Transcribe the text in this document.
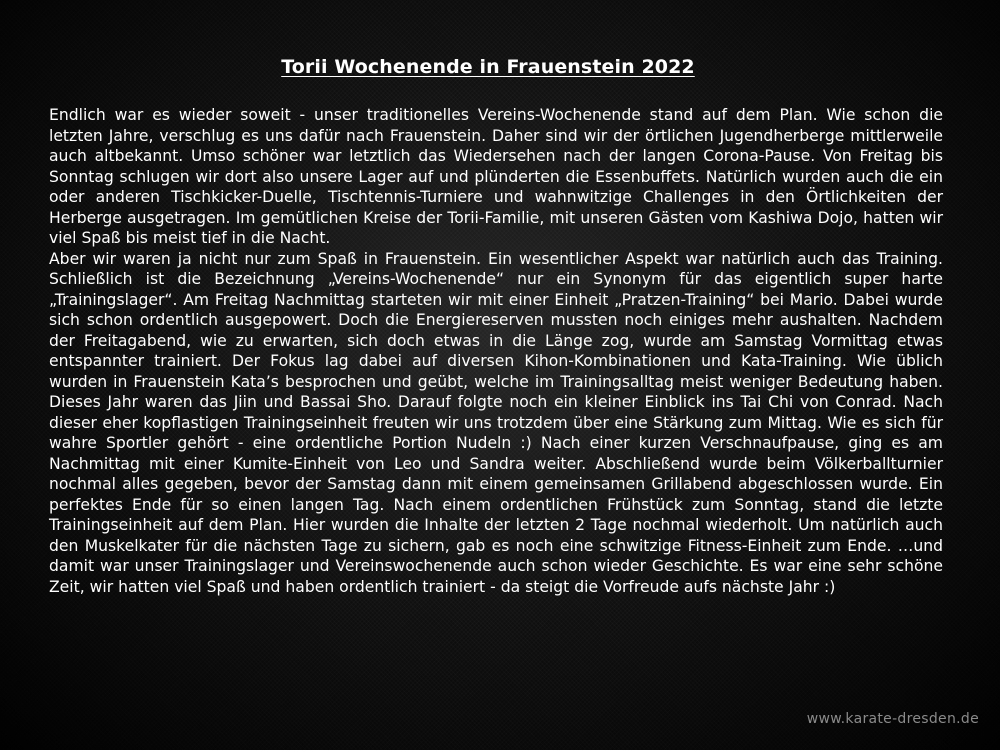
Torii Wochenende in Frauenstein 2022

Endlich war es wieder soweit - unser traditionelles Vereins-Wochenende stand auf dem Plan. Wie schon die letzten Jahre, verschlug es uns dafür nach Frauenstein. Daher sind wir der örtlichen Jugendherberge mittlerweile auch altbekannt. Umso schöner war letztlich das Wiedersehen nach der langen Corona-Pause. Von Freitag bis Sonntag schlugen wir dort also unsere Lager auf und plünderten die Essenbuffets. Natürlich wurden auch die ein oder anderen Tischkicker-Duelle, Tischtennis-Turniere und wahnwitzige Challenges in den Örtlichkeiten der Herberge ausgetragen. Im gemütlichen Kreise der Torii-Familie, mit unseren Gästen vom Kashiwa Dojo, hatten wir viel Spaß bis meist tief in die Nacht.

Aber wir waren ja nicht nur zum Spaß in Frauenstein. Ein wesentlicher Aspekt war natürlich auch das Training. Schließlich ist die Bezeichnung „Vereins-Wochenende“ nur ein Synonym für das eigentlich super harte „Trainingslager“. Am Freitag Nachmittag starteten wir mit einer Einheit „Pratzen-Training“ bei Mario. Dabei wurde sich schon ordentlich ausgepowert. Doch die Energiereserven mussten noch einiges mehr aushalten. Nachdem der Freitagabend, wie zu erwarten, sich doch etwas in die Länge zog, wurde am Samstag Vormittag etwas entspannter trainiert. Der Fokus lag dabei auf diversen Kihon-Kombinationen und Kata-Training. Wie üblich wurden in Frauenstein Kata’s besprochen und geübt, welche im Trainingsalltag meist weniger Bedeutung haben. Dieses Jahr waren das Jiin und Bassai Sho. Darauf folgte noch ein kleiner Einblick ins Tai Chi von Conrad. Nach dieser eher kopflastigen Trainingseinheit freuten wir uns trotzdem über eine Stärkung zum Mittag. Wie es sich für wahre Sportler gehört - eine ordentliche Portion Nudeln :) Nach einer kurzen Verschnaufpause, ging es am Nachmittag mit einer Kumite-Einheit von Leo und Sandra weiter. Abschließend wurde beim Völkerballturnier nochmal alles gegeben, bevor der Samstag dann mit einem gemeinsamen Grillabend abgeschlossen wurde. Ein perfektes Ende für so einen langen Tag. Nach einem ordentlichen Frühstück zum Sonntag, stand die letzte Trainingseinheit auf dem Plan. Hier wurden die Inhalte der letzten 2 Tage nochmal wiederholt. Um natürlich auch den Muskelkater für die nächsten Tage zu sichern, gab es noch eine schwitzige Fitness-Einheit zum Ende. …und damit war unser Trainingslager und Vereinswochenende auch schon wieder Geschichte. Es war eine sehr schöne Zeit, wir hatten viel Spaß und haben ordentlich trainiert - da steigt die Vorfreude aufs nächste Jahr :)

www.karate-dresden.de
